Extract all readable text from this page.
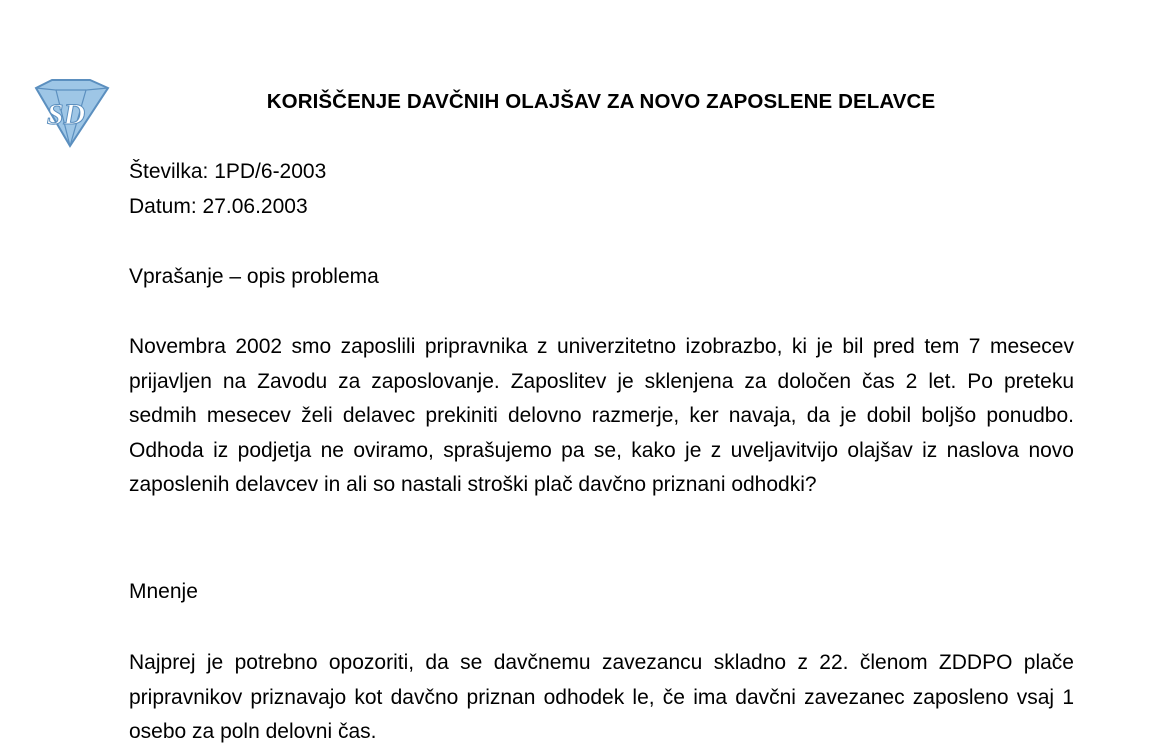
SD	KORIŠČENJE DAVČNIH OLAJŠAV ZA NOVO ZAPOSLENE DELAVCE
Številka: 1PD/6-2003
Datum: 27.06.2003
Vprašanje – opis problema

Novembra 2002 smo zaposlili pripravnika z univerzitetno izobrazbo, ki je bil pred tem 7 mesecev prijavljen na Zavodu za zaposlovanje. Zaposlitev je sklenjena za določen čas 2 let. Po preteku sedmih mesecev želi delavec prekiniti delovno razmerje, ker navaja, da je dobil boljšo ponudbo. Odhoda iz podjetja ne oviramo, sprašujemo pa se, kako je z uveljavitvijo olajšav iz naslova novo zaposlenih delavcev in ali so nastali stroški plač davčno priznani odhodki?

Mnenje

Najprej je potrebno opozoriti, da se davčnemu zavezancu skladno z 22. členom ZDDPO plače pripravnikov priznavajo kot davčno priznan odhodek le, če ima davčni zavezanec zaposleno vsaj 1 osebo za poln delovni čas.
